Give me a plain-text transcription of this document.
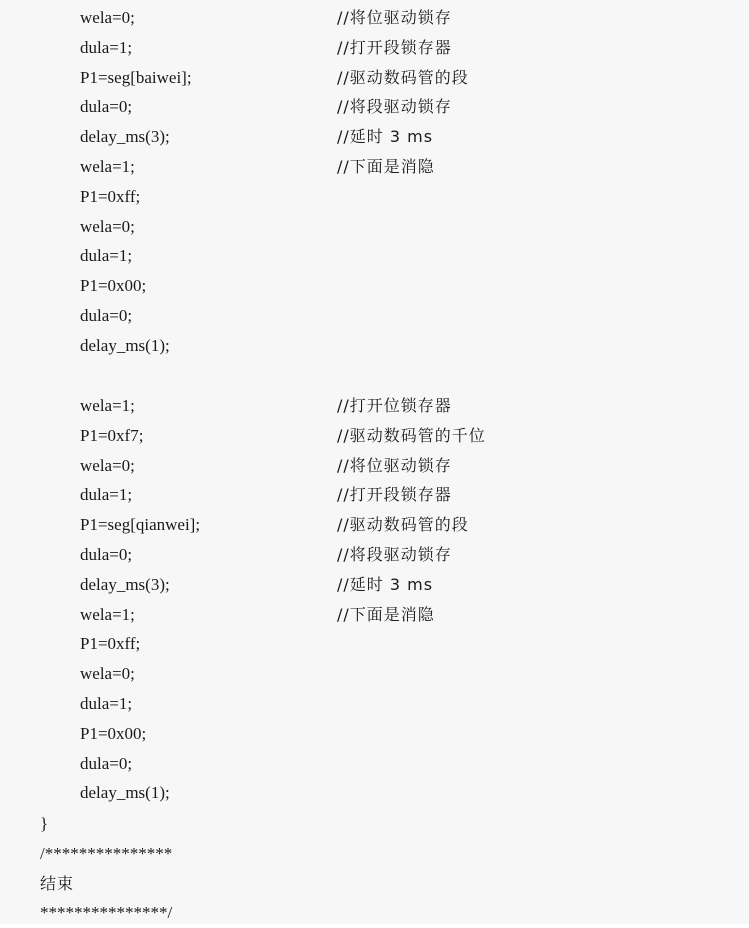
wela=0;	//将位驱动锁存
dula=1;	//打开段锁存器
P1=seg[baiwei];	//驱动数码管的段
dula=0;	//将段驱动锁存
delay_ms(3);	//延时 3 ms
wela=1;	//下面是消隐
P1=0xff;
wela=0;
dula=1;
P1=0x00;
dula=0;
delay_ms(1);
wela=1;	//打开位锁存器
P1=0xf7;	//驱动数码管的千位
wela=0;	//将位驱动锁存
dula=1;	//打开段锁存器
P1=seg[qianwei];	//驱动数码管的段
dula=0;	//将段驱动锁存
delay_ms(3);	//延时 3 ms
wela=1;	//下面是消隐
P1=0xff;
wela=0;
dula=1;
P1=0x00;
dula=0;
delay_ms(1);
}
/***************
结束
***************/
